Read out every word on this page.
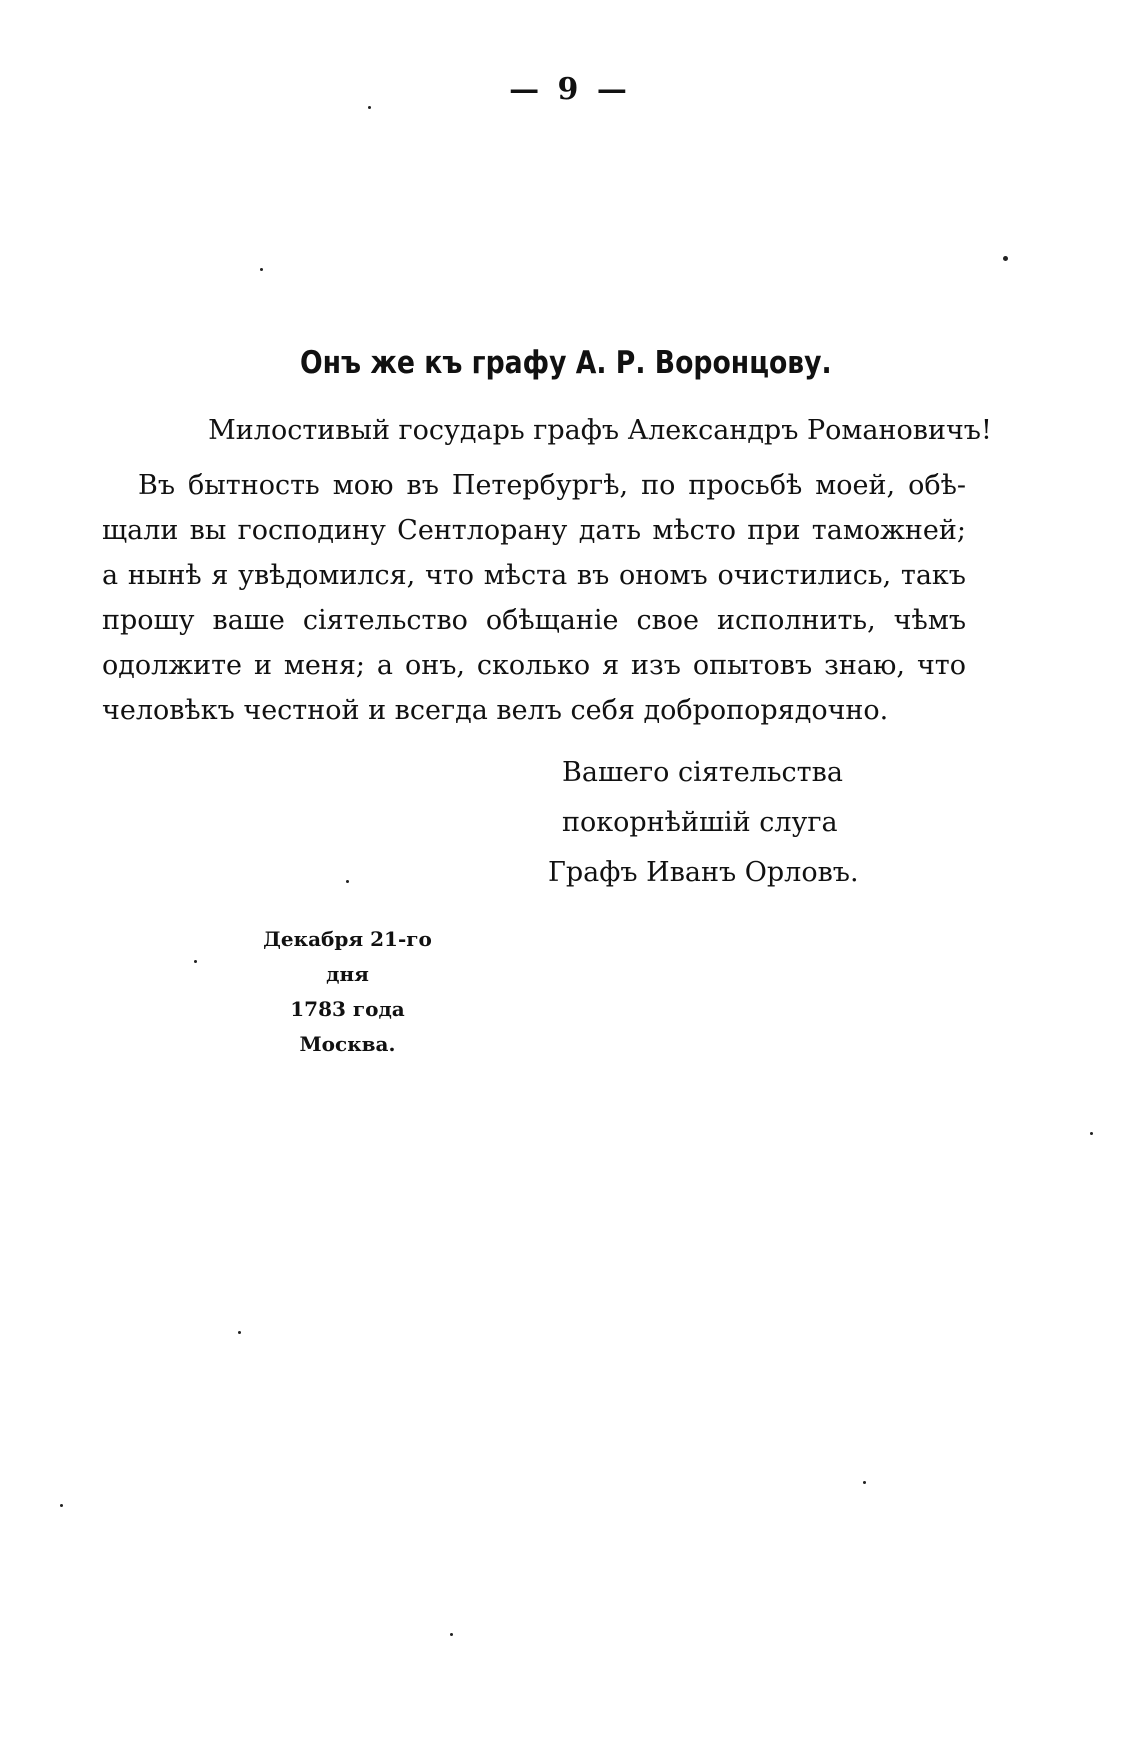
— 9 —
Онъ же къ графу А. Р. Воронцову.
Милостивый государь графъ Александръ Романовичъ!
Въ бытность мою въ Петербургѣ, по просьбѣ моей, обѣ-
щали вы господину Сентлорану дать мѣсто при таможней;
а нынѣ я увѣдомился, что мѣста въ ономъ очистились, такъ
прошу ваше сіятельство обѣщаніе свое исполнить, чѣмъ
одолжите и меня; а онъ, сколько я изъ опытовъ знаю, что
человѣкъ честной и всегда велъ себя добропорядочно.
Вашего сіятельства
покорнѣйшій слуга
Графъ Иванъ Орловъ.
Декабря 21-го дня
1783 года
Москва.
